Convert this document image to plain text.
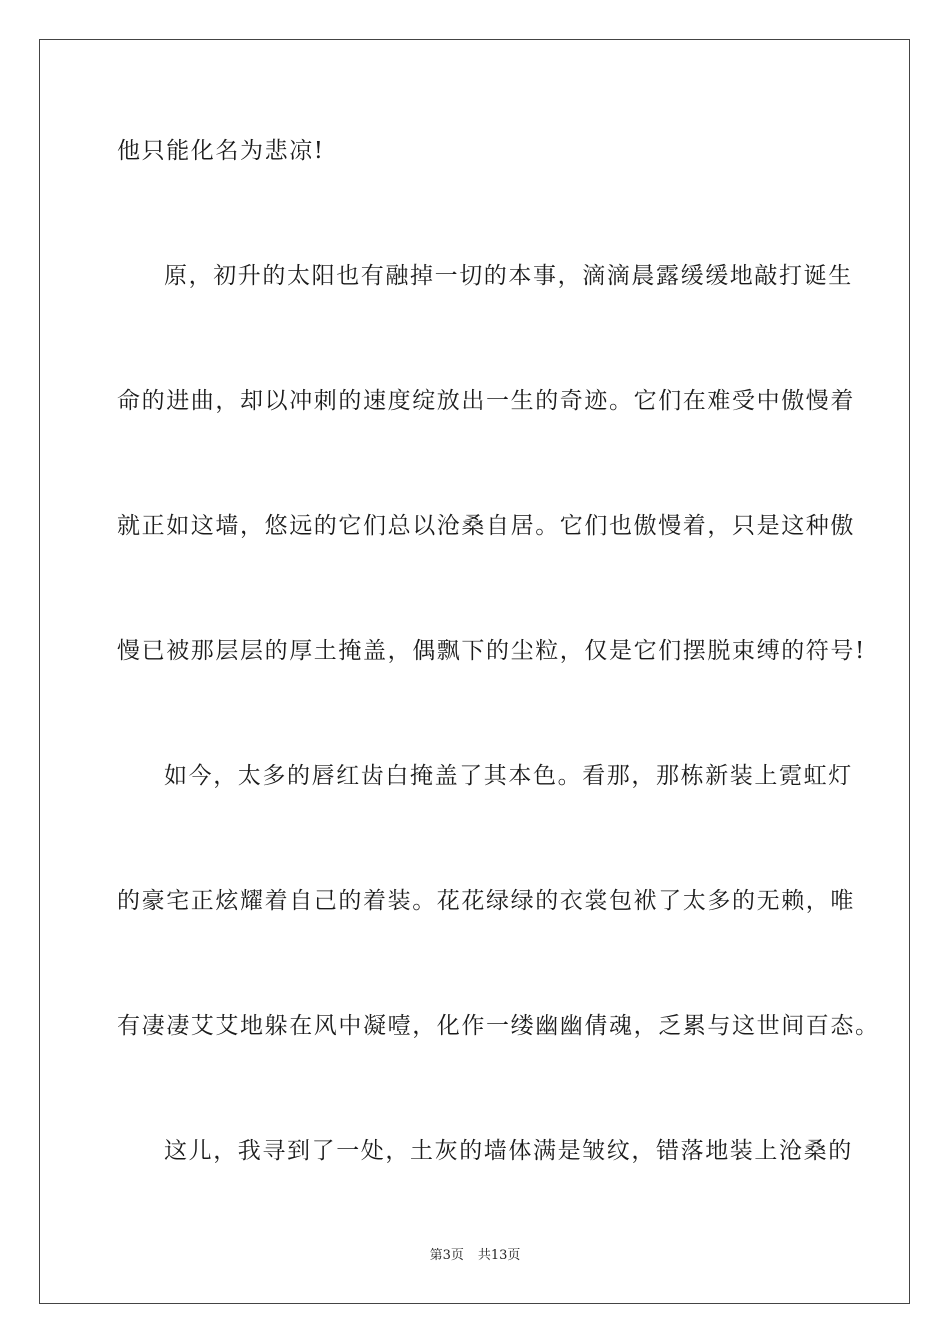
他只能化名为悲凉!

原，初升的太阳也有融掉一切的本事，滴滴晨露缓缓地敲打诞生

命的进曲，却以冲刺的速度绽放出一生的奇迹。它们在难受中傲慢着

就正如这墙，悠远的它们总以沧桑自居。它们也傲慢着，只是这种傲

慢已被那层层的厚土掩盖，偶飘下的尘粒，仅是它们摆脱束缚的符号!

如今，太多的唇红齿白掩盖了其本色。看那，那栋新装上霓虹灯

的豪宅正炫耀着自己的着装。花花绿绿的衣裳包袱了太多的无赖，唯

有凄凄艾艾地躲在风中凝噎，化作一缕幽幽倩魂，乏累与这世间百态。

这儿，我寻到了一处，土灰的墙体满是皱纹，错落地装上沧桑的

第3页 共13页
